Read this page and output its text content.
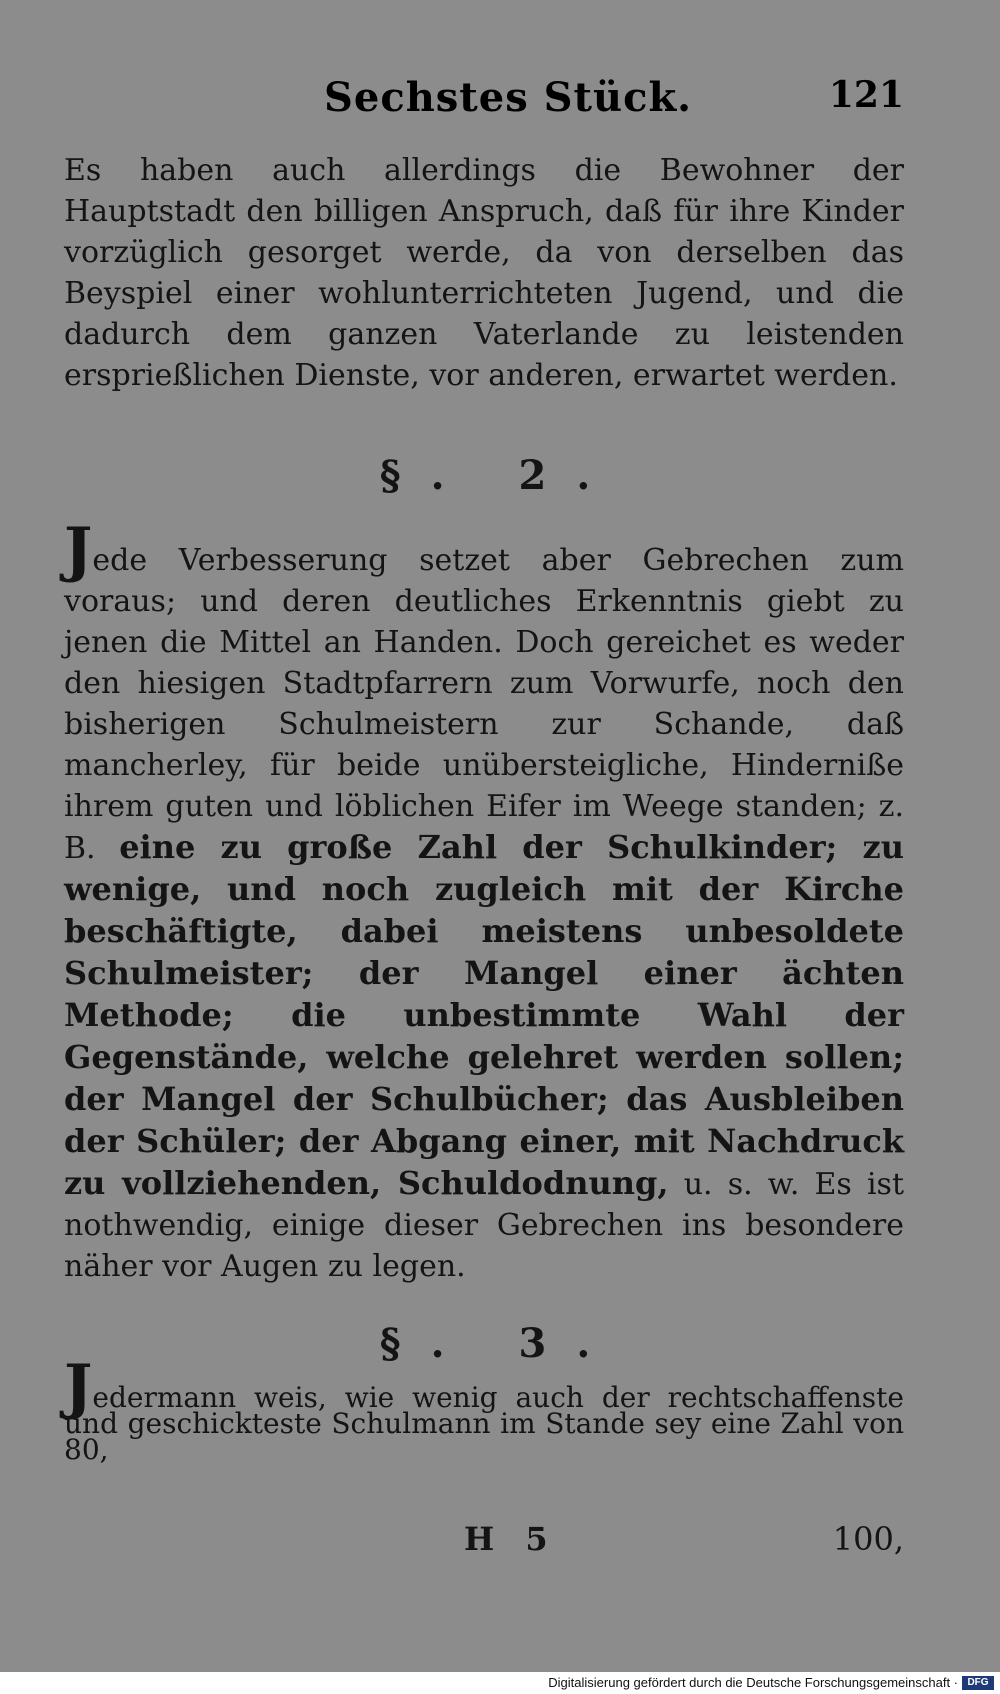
Sechstes Stück.	121

Es haben auch allerdings die Bewohner der Hauptstadt den billigen Anspruch, daß für ihre Kinder vorzüglich gesorget werde, da von derselben das Beyspiel einer wohlunterrichteten Jugend, und die dadurch dem ganzen Vaterlande zu leistenden ersprießlichen Dienste, vor anderen, erwartet werden.

§. 2.

Jede Verbesserung setzet aber Gebrechen zum voraus; und deren deutliches Erkenntnis giebt zu jenen die Mittel an Handen. Doch gereichet es weder den hiesigen Stadtpfarrern zum Vorwurfe, noch den bisherigen Schulmeistern zur Schande, daß mancherley, für beide unübersteigliche, Hinderniße ihrem guten und löblichen Eifer im Weege standen; z. B. eine zu große Zahl der Schulkinder; zu wenige, und noch zugleich mit der Kirche beschäftigte, dabei meistens unbesoldete Schulmeister; der Mangel einer ächten Methode; die unbestimmte Wahl der Gegenstände, welche gelehret werden sollen; der Mangel der Schulbücher; das Ausbleiben der Schüler; der Abgang einer, mit Nachdruck zu vollziehenden, Schuldodnung, u. s. w. Es ist nothwendig, einige dieser Gebrechen ins besondere näher vor Augen zu legen.

§. 3.

Jedermann weis, wie wenig auch der rechtschaffenste und geschickteste Schulmann im Stande sey eine Zahl von 80,

H 5	100,
Digitalisierung gefördert durch die Deutsche Forschungsgemeinschaft · DFG
